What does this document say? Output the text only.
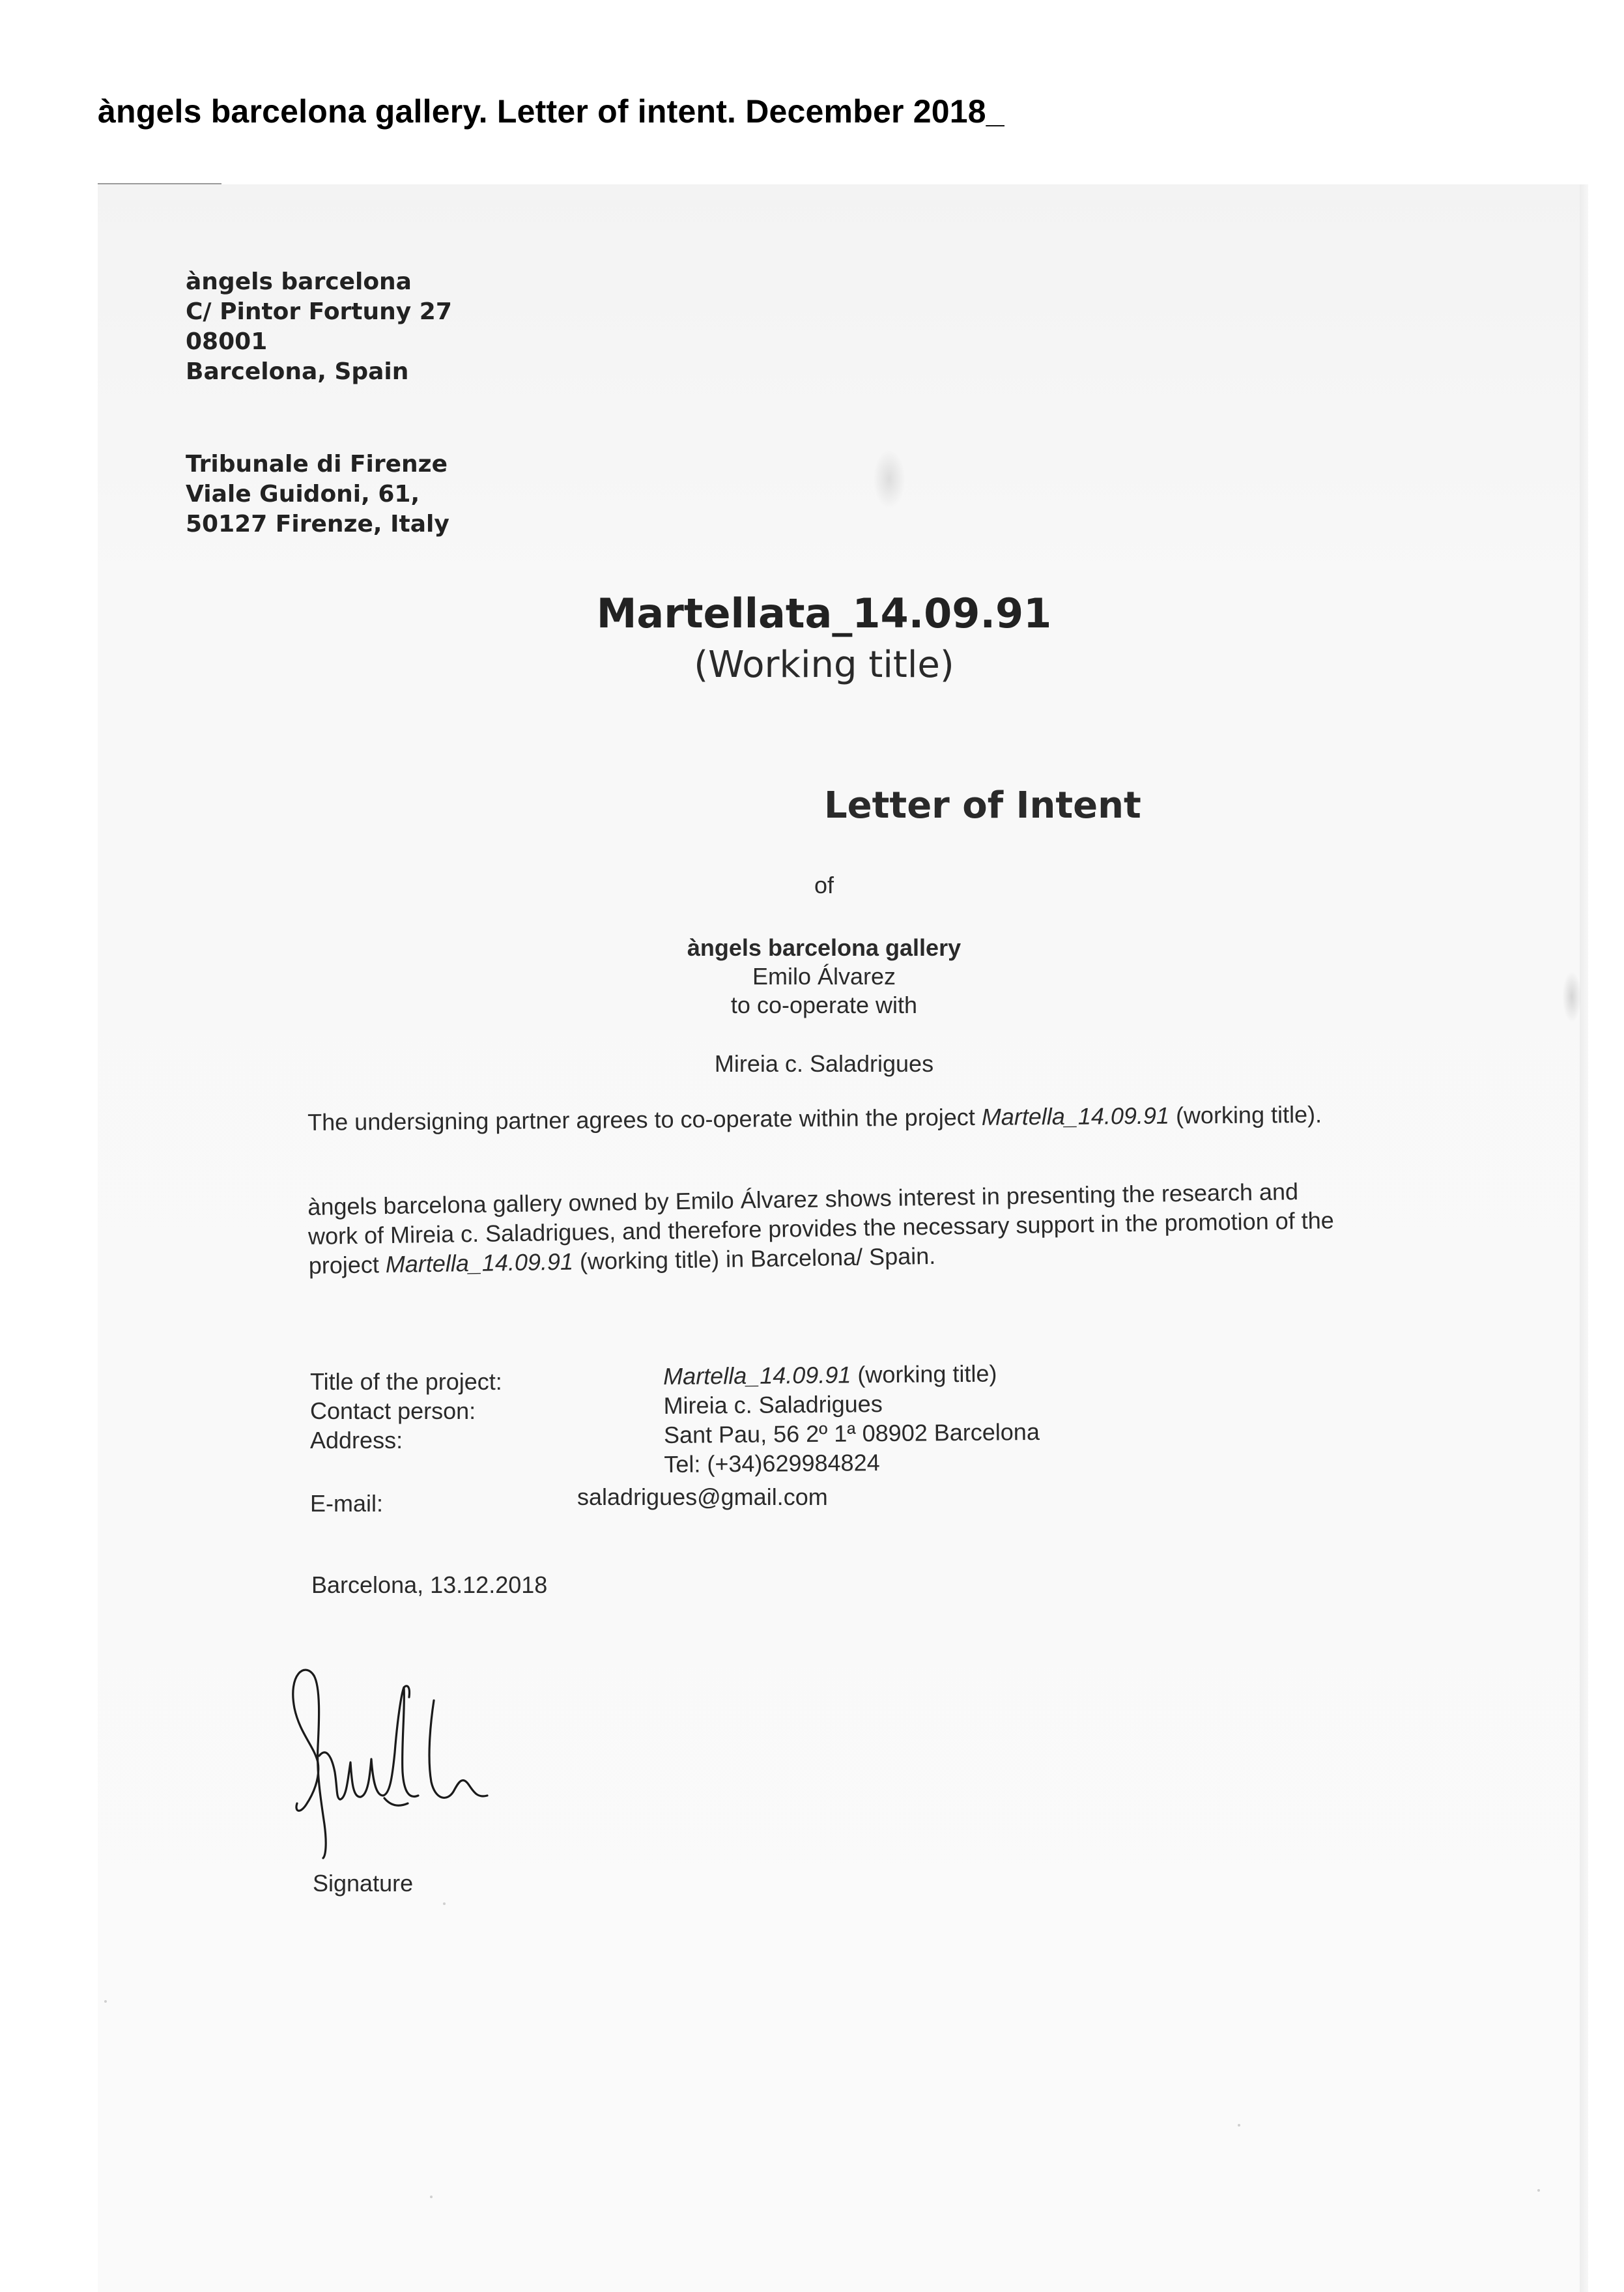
àngels barcelona gallery. Letter of intent. December 2018_
àngels barcelona
C/ Pintor Fortuny 27
08001
Barcelona, Spain
Tribunale di Firenze
Viale Guidoni, 61,
50127 Firenze, Italy
Martellata_14.09.91
(Working title)
Letter of Intent
of
àngels barcelona gallery
Emilo Álvarez
to co-operate with
Mireia c. Saladrigues
The undersigning partner agrees to co-operate within the project Martella_14.09.91 (working title).
àngels barcelona gallery owned by Emilo Álvarez shows interest in presenting the research and work of Mireia c. Saladrigues, and therefore provides the necessary support in the promotion of the project Martella_14.09.91 (working title) in Barcelona/ Spain.
Title of the project:
Contact person:
Address:
Martella_14.09.91 (working title)
Mireia c. Saladrigues
Sant Pau, 56 2º 1ª 08902 Barcelona
Tel: (+34)629984824
E-mail:	saladrigues@gmail.com
Barcelona, 13.12.2018
Signature
